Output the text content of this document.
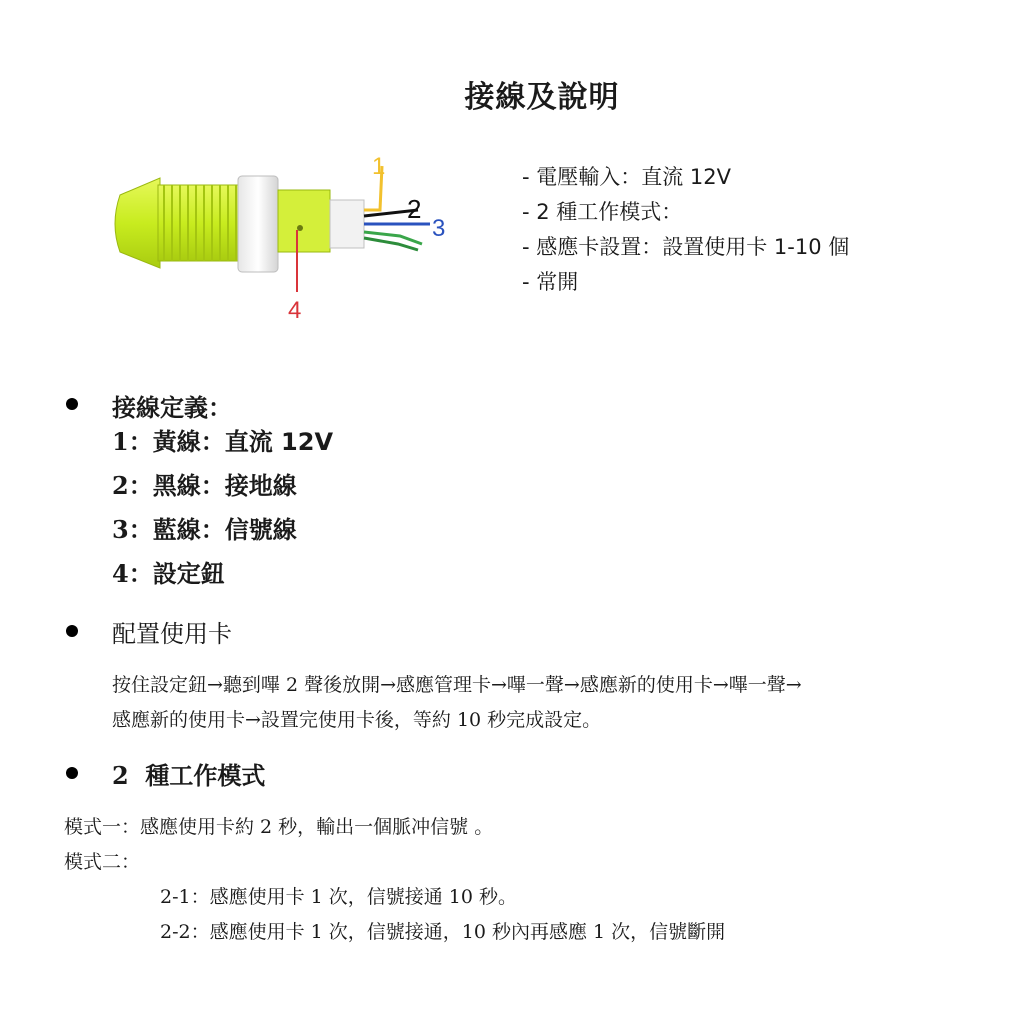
接線及說明
1
2
3
4
- 電壓輸入：直流 12V
- 2 種工作模式：
- 感應卡設置：設置使用卡 1-10 個
- 常開
接線定義：
1：黃線：直流 12V
2：黑線：接地線
3：藍線：信號線
4：設定鈕
配置使用卡
按住設定鈕→聽到嗶 2 聲後放開→感應管理卡→嗶一聲→感應新的使用卡→嗶一聲→
感應新的使用卡→設置完使用卡後，等約 10 秒完成設定。
2 種工作模式
模式一：感應使用卡約 2 秒，輸出一個脈冲信號 。
模式二：
2-1：感應使用卡 1 次，信號接通 10 秒。
2-2：感應使用卡 1 次，信號接通，10 秒內再感應 1 次，信號斷開
